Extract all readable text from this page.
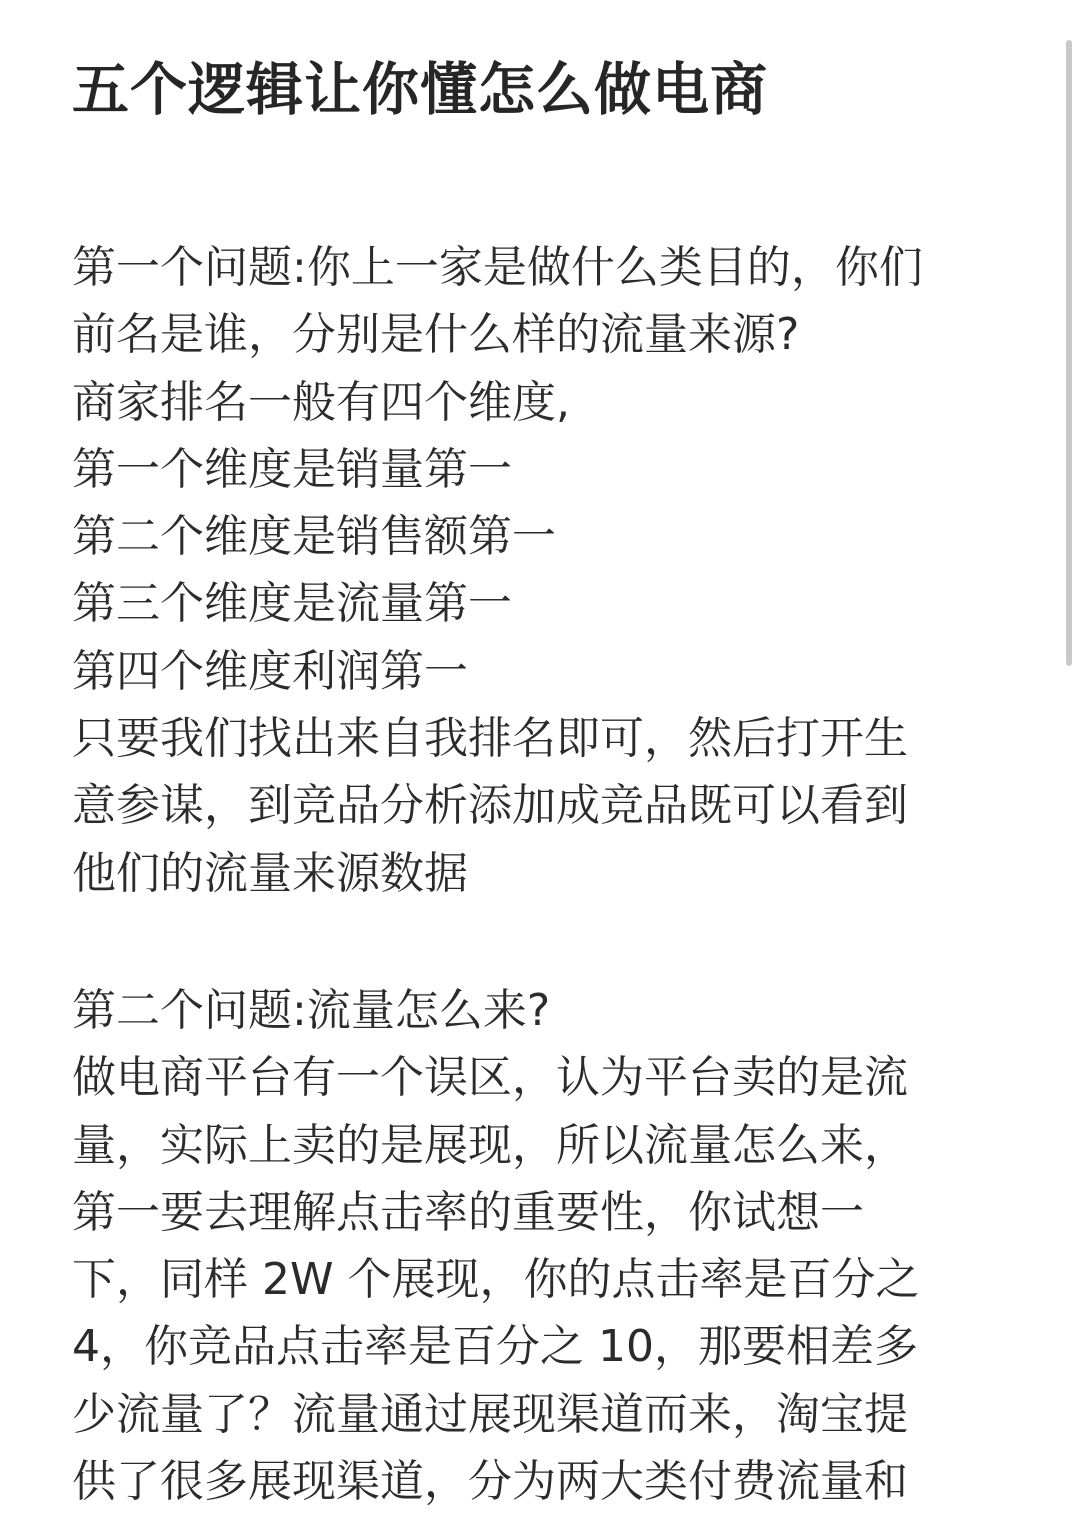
五个逻辑让你懂怎么做电商
第一个问题:你上一家是做什么类目的，你们
前名是谁，分别是什么样的流量来源?
商家排名一般有四个维度,
第一个维度是销量第一
第二个维度是销售额第一
第三个维度是流量第一
第四个维度利润第一
只要我们找出来自我排名即可，然后打开生
意参谋，到竞品分析添加成竞品既可以看到
他们的流量来源数据
第二个问题:流量怎么来?
做电商平台有一个误区，认为平台卖的是流
量，实际上卖的是展现，所以流量怎么来，
第一要去理解点击率的重要性，你试想一
下，同样 2W 个展现，你的点击率是百分之
4，你竞品点击率是百分之 10，那要相差多
少流量了？流量通过展现渠道而来，淘宝提
供了很多展现渠道，分为两大类付费流量和
